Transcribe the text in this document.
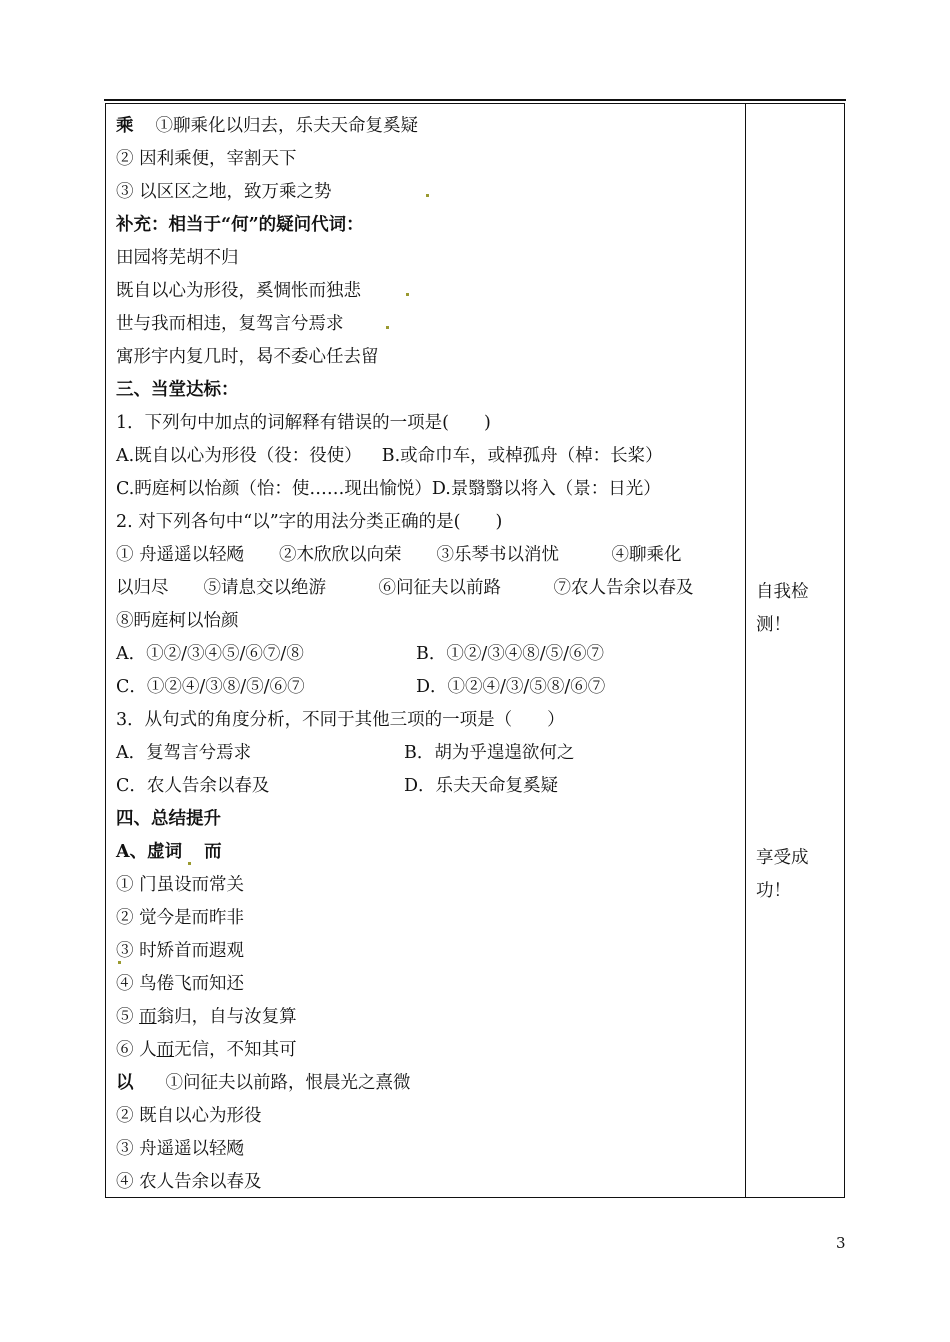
乘 ①聊乘化以归去，乐夫天命复奚疑
② 因利乘便，宰割天下
③ 以区区之地，致万乘之势
补充：相当于“何”的疑问代词：
田园将芜胡不归
既自以心为形役，奚惆怅而独悲
世与我而相违，复驾言兮焉求
寓形宇内复几时，曷不委心任去留
三、当堂达标：
1．下列句中加点的词解释有错误的一项是(　　)
A.既自以心为形役（役：役使） B.或命巾车，或棹孤舟（棹：长桨）
C.眄庭柯以怡颜（怡：使……现出愉悦）D.景翳翳以将入（景：日光）
2. 对下列各句中“以”字的用法分类正确的是(　　)
① 舟遥遥以轻飏　　②木欣欣以向荣　　③乐琴书以消忧　　　④聊乘化
以归尽　　⑤请息交以绝游　　　⑥问征夫以前路　　　⑦农人告余以春及
⑧眄庭柯以怡颜
A．①②/③④⑤/⑥⑦/⑧	B．①②/③④⑧/⑤/⑥⑦
C．①②④/③⑧/⑤/⑥⑦	D．①②④/③/⑤⑧/⑥⑦
3．从句式的角度分析，不同于其他三项的一项是（　　）
A．复驾言兮焉求	B．胡为乎遑遑欲何之
C．农人告余以春及	D．乐夫天命复奚疑
四、总结提升
A、虚词 而
① 门虽设而常关
② 觉今是而昨非
③ 时矫首而遐观
④ 鸟倦飞而知还
⑤ 而翁归，自与汝复算
⑥ 人而无信，不知其可
以 ①问征夫以前路，恨晨光之熹微
② 既自以心为形役
③ 舟遥遥以轻飏
④ 农人告余以春及
自我检测！
享受成功！
3
